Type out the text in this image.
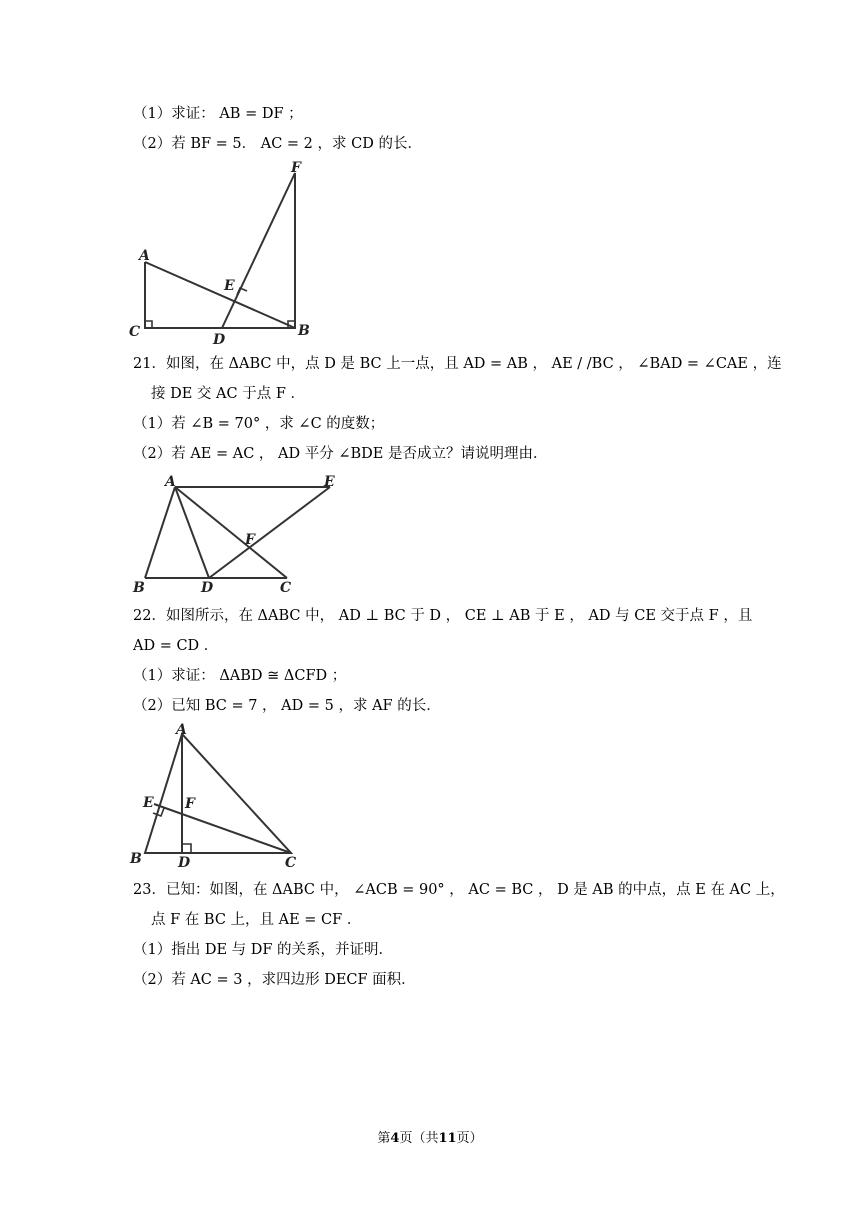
（1）求证： AB = DF ；
（2）若 BF = 5． AC = 2 ，求 CD 的长．
F
A
E
C	D
B
21．如图，在 ΔABC 中，点 D 是 BC 上一点，且 AD = AB ， AE / /BC ， ∠BAD = ∠CAE ，连
接 DE 交 AC 于点 F ．
（1）若 ∠B = 70° ，求 ∠C 的度数；
（2）若 AE = AC ， AD 平分 ∠BDE 是否成立？请说明理由．
A	E
F
B	D	C
22．如图所示，在 ΔABC 中， AD ⊥ BC 于 D ， CE ⊥ AB 于 E ， AD 与 CE 交于点 F ，且
AD = CD ．
（1）求证： ΔABD ≅ ΔCFD ；
（2）已知 BC = 7 ， AD = 5 ，求 AF 的长．
A
E F
B	D	C
23．已知：如图，在 ΔABC 中， ∠ACB = 90° ， AC = BC ， D 是 AB 的中点，点 E 在 AC 上，
点 F 在 BC 上，且 AE = CF ．
（1）指出 DE 与 DF 的关系，并证明．
（2）若 AC = 3 ，求四边形 DECF 面积．
第4页（共11页）
